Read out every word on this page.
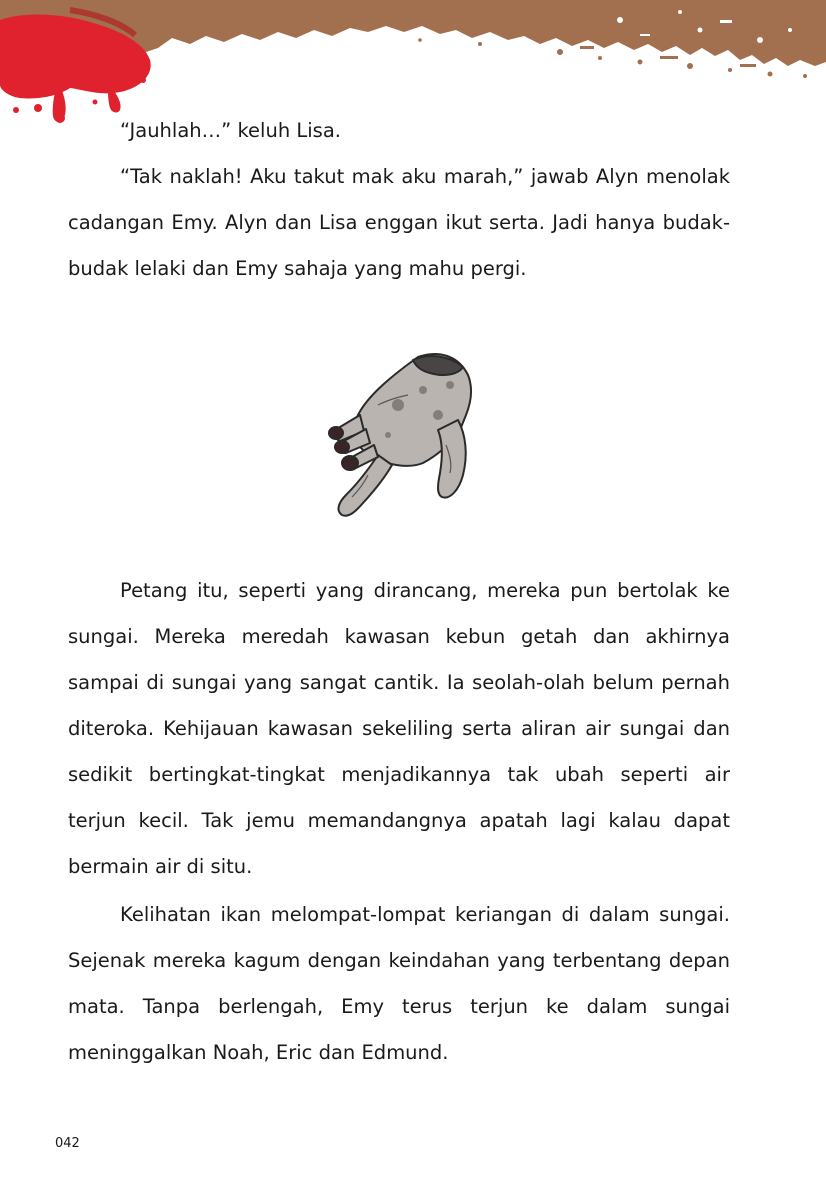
“Jauhlah…” keluh Lisa.

“Tak naklah! Aku takut mak aku marah,” jawab Alyn menolak cadangan Emy. Alyn dan Lisa enggan ikut serta. Jadi hanya budak-budak lelaki dan Emy sahaja yang mahu pergi.

Petang itu, seperti yang dirancang, mereka pun bertolak ke sungai. Mereka meredah kawasan kebun getah dan akhirnya sampai di sungai yang sangat cantik. Ia seolah-olah belum pernah diteroka. Kehijauan kawasan sekeliling serta aliran air sungai dan sedikit bertingkat-tingkat menjadikannya tak ubah seperti air terjun kecil. Tak jemu memandangnya apatah lagi kalau dapat bermain air di situ.

Kelihatan ikan melompat-lompat keriangan di dalam sungai. Sejenak mereka kagum dengan keindahan yang terbentang depan mata. Tanpa berlengah, Emy terus terjun ke dalam sungai meninggalkan Noah, Eric dan Edmund.

042
